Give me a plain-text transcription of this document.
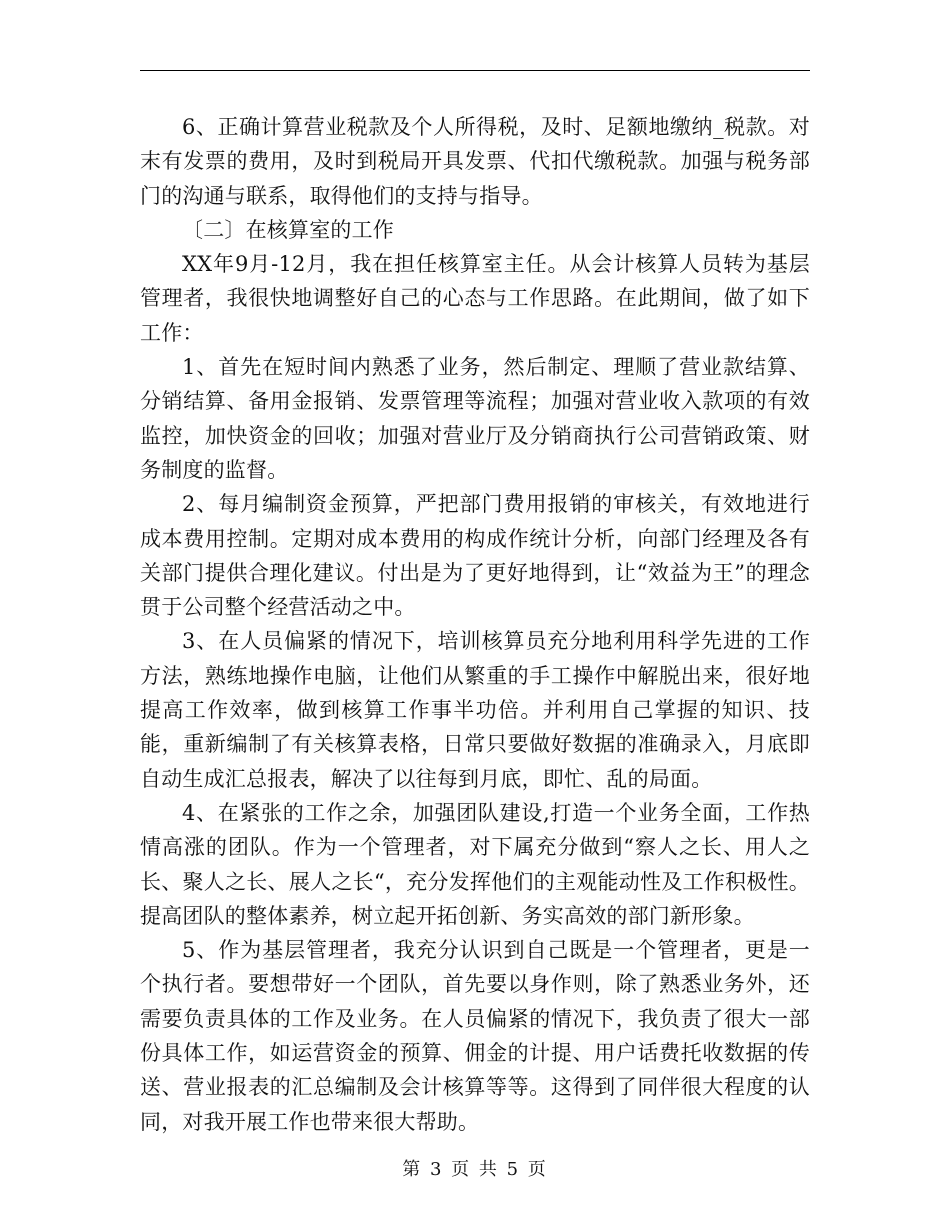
6、正确计算营业税款及个人所得税，及时、足额地缴纳_税款。对末有发票的费用，及时到税局开具发票、代扣代缴税款。加强与税务部门的沟通与联系，取得他们的支持与指导。

〔二〕在核算室的工作

XX年9月-12月，我在担任核算室主任。从会计核算人员转为基层管理者，我很快地调整好自己的心态与工作思路。在此期间，做了如下工作：

1、首先在短时间内熟悉了业务，然后制定、理顺了营业款结算、分销结算、备用金报销、发票管理等流程；加强对营业收入款项的有效监控，加快资金的回收；加强对营业厅及分销商执行公司营销政策、财务制度的监督。

2、每月编制资金预算，严把部门费用报销的审核关，有效地进行成本费用控制。定期对成本费用的构成作统计分析，向部门经理及各有关部门提供合理化建议。付出是为了更好地得到，让“效益为王”的理念贯于公司整个经营活动之中。

3、在人员偏紧的情况下，培训核算员充分地利用科学先进的工作方法，熟练地操作电脑，让他们从繁重的手工操作中解脱出来，很好地提高工作效率，做到核算工作事半功倍。并利用自己掌握的知识、技能，重新编制了有关核算表格，日常只要做好数据的准确录入，月底即自动生成汇总报表，解决了以往每到月底，即忙、乱的局面。

4、在紧张的工作之余，加强团队建设,打造一个业务全面，工作热情高涨的团队。作为一个管理者，对下属充分做到“察人之长、用人之长、聚人之长、展人之长“，充分发挥他们的主观能动性及工作积极性。提高团队的整体素养，树立起开拓创新、务实高效的部门新形象。

5、作为基层管理者，我充分认识到自己既是一个管理者，更是一个执行者。要想带好一个团队，首先要以身作则，除了熟悉业务外，还需要负责具体的工作及业务。在人员偏紧的情况下，我负责了很大一部份具体工作，如运营资金的预算、佣金的计提、用户话费托收数据的传送、营业报表的汇总编制及会计核算等等。这得到了同伴很大程度的认同，对我开展工作也带来很大帮助。

第 3 页 共 5 页
